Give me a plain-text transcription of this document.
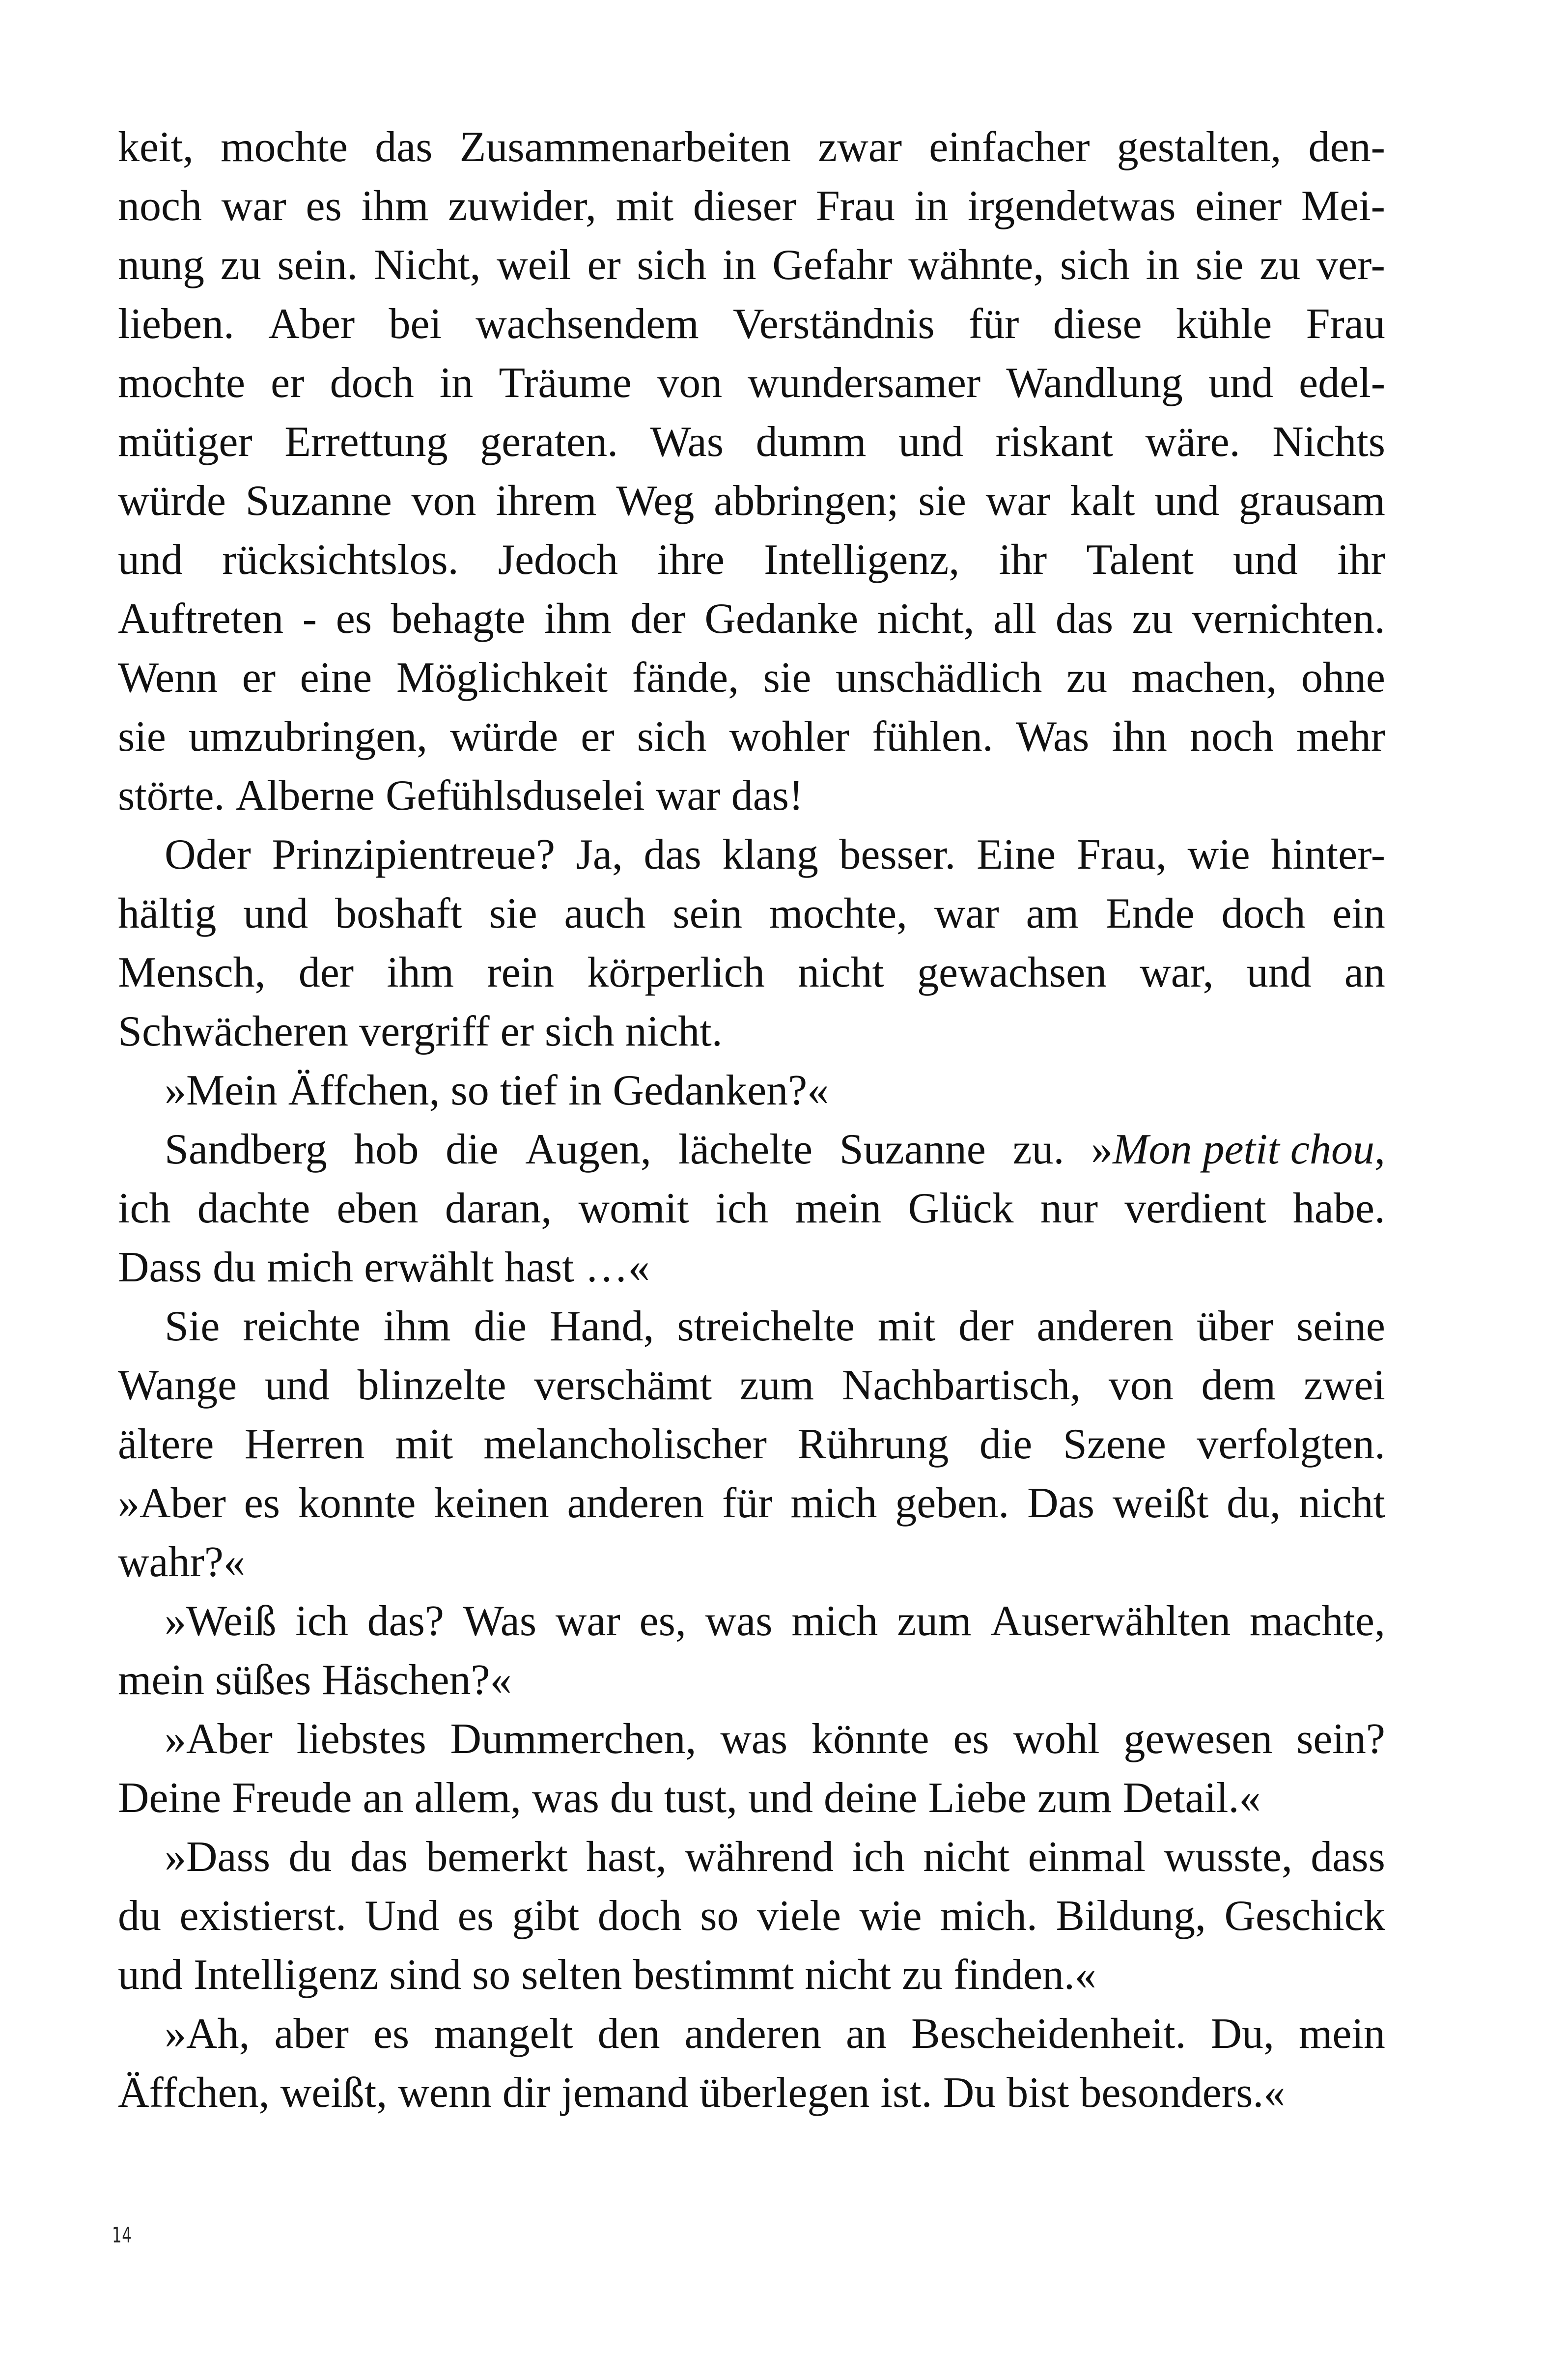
keit, mochte das Zusammenarbeiten zwar einfacher gestalten, den-
noch war es ihm zuwider, mit dieser Frau in irgendetwas einer Mei-
nung zu sein. Nicht, weil er sich in Gefahr wähnte, sich in sie zu ver-
lieben. Aber bei wachsendem Verständnis für diese kühle Frau
mochte er doch in Träume von wundersamer Wandlung und edel-
mütiger Errettung geraten. Was dumm und riskant wäre. Nichts
würde Suzanne von ihrem Weg abbringen; sie war kalt und grausam
und rücksichtslos. Jedoch ihre Intelligenz, ihr Talent und ihr
Auftreten - es behagte ihm der Gedanke nicht, all das zu vernichten.
Wenn er eine Möglichkeit fände, sie unschädlich zu machen, ohne
sie umzubringen, würde er sich wohler fühlen. Was ihn noch mehr
störte. Alberne Gefühlsduselei war das!
Oder Prinzipientreue? Ja, das klang besser. Eine Frau, wie hinter-
hältig und boshaft sie auch sein mochte, war am Ende doch ein
Mensch, der ihm rein körperlich nicht gewachsen war, und an
Schwächeren vergriff er sich nicht.
»Mein Äffchen, so tief in Gedanken?«
Sandberg hob die Augen, lächelte Suzanne zu. »Mon petit chou,
ich dachte eben daran, womit ich mein Glück nur verdient habe.
Dass du mich erwählt hast …«
Sie reichte ihm die Hand, streichelte mit der anderen über seine
Wange und blinzelte verschämt zum Nachbartisch, von dem zwei
ältere Herren mit melancholischer Rührung die Szene verfolgten.
»Aber es konnte keinen anderen für mich geben. Das weißt du, nicht
wahr?«
»Weiß ich das? Was war es, was mich zum Auserwählten machte,
mein süßes Häschen?«
»Aber liebstes Dummerchen, was könnte es wohl gewesen sein?
Deine Freude an allem, was du tust, und deine Liebe zum Detail.«
»Dass du das bemerkt hast, während ich nicht einmal wusste, dass
du existierst. Und es gibt doch so viele wie mich. Bildung, Geschick
und Intelligenz sind so selten bestimmt nicht zu finden.«
»Ah, aber es mangelt den anderen an Bescheidenheit. Du, mein
Äffchen, weißt, wenn dir jemand überlegen ist. Du bist besonders.«
14
